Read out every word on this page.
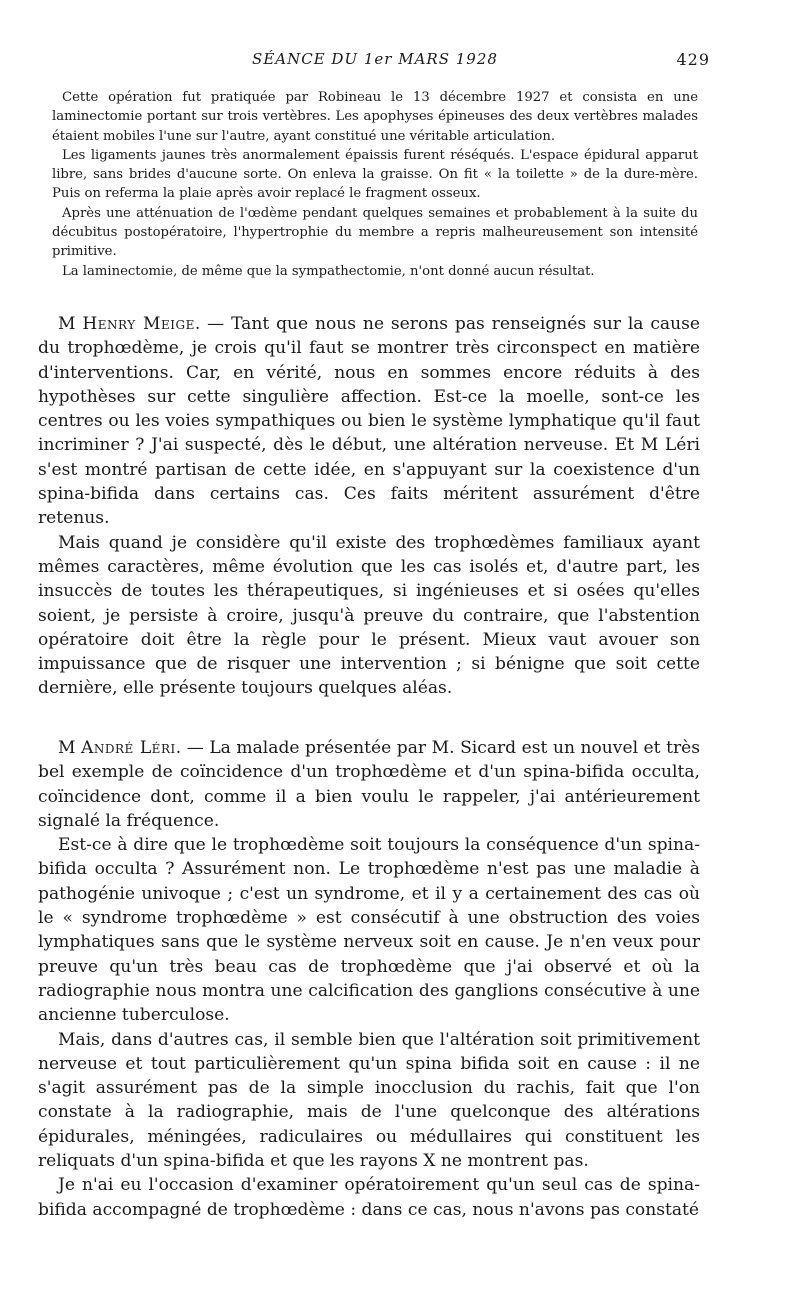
SÉANCE DU 1er MARS 1928	429

Cette opération fut pratiquée par Robineau le 13 décembre 1927 et consista en une laminectomie portant sur trois vertèbres. Les apophyses épineuses des deux vertèbres malades étaient mobiles l'une sur l'autre, ayant constitué une véritable articulation.

Les ligaments jaunes très anormalement épaissis furent réséqués. L'espace épidural apparut libre, sans brides d'aucune sorte. On enleva la graisse. On fit « la toilette » de la dure-mère. Puis on referma la plaie après avoir replacé le fragment osseux.

Après une atténuation de l'œdème pendant quelques semaines et probablement à la suite du décubitus postopératoire, l'hypertrophie du membre a repris malheureusement son intensité primitive.

La laminectomie, de même que la sympathectomie, n'ont donné aucun résultat.

M Henry Meige. — Tant que nous ne serons pas renseignés sur la cause du trophœdème, je crois qu'il faut se montrer très circonspect en matière d'interventions. Car, en vérité, nous en sommes encore réduits à des hypothèses sur cette singulière affection. Est-ce la moelle, sont-ce les centres ou les voies sympathiques ou bien le système lymphatique qu'il faut incriminer ? J'ai suspecté, dès le début, une altération nerveuse. Et M Léri s'est montré partisan de cette idée, en s'appuyant sur la coexistence d'un spina-bifida dans certains cas. Ces faits méritent assurément d'être retenus.

Mais quand je considère qu'il existe des trophœdèmes familiaux ayant mêmes caractères, même évolution que les cas isolés et, d'autre part, les insuccès de toutes les thérapeutiques, si ingénieuses et si osées qu'elles soient, je persiste à croire, jusqu'à preuve du contraire, que l'abstention opératoire doit être la règle pour le présent. Mieux vaut avouer son impuissance que de risquer une intervention ; si bénigne que soit cette dernière, elle présente toujours quelques aléas.

M André Léri. — La malade présentée par M. Sicard est un nouvel et très bel exemple de coïncidence d'un trophœdème et d'un spina-bifida occulta, coïncidence dont, comme il a bien voulu le rappeler, j'ai antérieurement signalé la fréquence.

Est-ce à dire que le trophœdème soit toujours la conséquence d'un spina-bifida occulta ? Assurément non. Le trophœdème n'est pas une maladie à pathogénie univoque ; c'est un syndrome, et il y a certainement des cas où le « syndrome trophœdème » est consécutif à une obstruction des voies lymphatiques sans que le système nerveux soit en cause. Je n'en veux pour preuve qu'un très beau cas de trophœdème que j'ai observé et où la radiographie nous montra une calcification des ganglions consécutive à une ancienne tuberculose.

Mais, dans d'autres cas, il semble bien que l'altération soit primitivement nerveuse et tout particulièrement qu'un spina bifida soit en cause : il ne s'agit assurément pas de la simple inocclusion du rachis, fait que l'on constate à la radiographie, mais de l'une quelconque des altérations épidurales, méningées, radiculaires ou médullaires qui constituent les reliquats d'un spina-bifida et que les rayons X ne montrent pas.

Je n'ai eu l'occasion d'examiner opératoirement qu'un seul cas de spina-bifida accompagné de trophœdème : dans ce cas, nous n'avons pas constaté
